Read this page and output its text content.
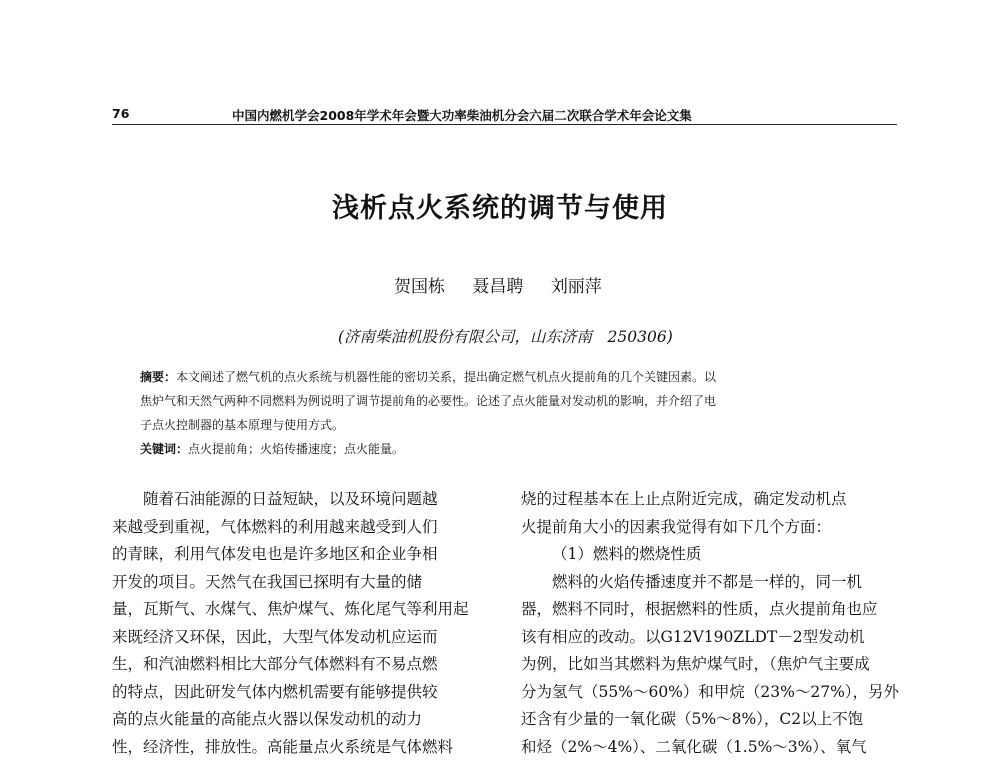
76	中国内燃机学会2008年学术年会暨大功率柴油机分会六届二次联合学术年会论文集
浅析点火系统的调节与使用
贺国栋 聂昌聘 刘丽萍
(济南柴油机股份有限公司，山东济南　250306)
摘要：本文阐述了燃气机的点火系统与机器性能的密切关系，提出确定燃气机点火提前角的几个关键因素。以
焦炉气和天然气两种不同燃料为例说明了调节提前角的必要性。论述了点火能量对发动机的影响，并介绍了电
子点火控制器的基本原理与使用方式。
关键词：点火提前角；火焰传播速度；点火能量。
随着石油能源的日益短缺，以及环境问题越
来越受到重视，气体燃料的利用越来越受到人们
的青睐，利用气体发电也是许多地区和企业争相
开发的项目。天然气在我国已探明有大量的储
量，瓦斯气、水煤气、焦炉煤气、炼化尾气等利用起
来既经济又环保，因此，大型气体发动机应运而
生，和汽油燃料相比大部分气体燃料有不易点燃
的特点，因此研发气体内燃机需要有能够提供较
高的点火能量的高能点火器以保发动机的动力
性，经济性，排放性。高能量点火系统是气体燃料
烧的过程基本在上止点附近完成，确定发动机点
火提前角大小的因素我觉得有如下几个方面：
（1）燃料的燃烧性质
燃料的火焰传播速度并不都是一样的，同一机
器，燃料不同时，根据燃料的性质，点火提前角也应
该有相应的改动。以G12V190ZLDT－2型发动机
为例，比如当其燃料为焦炉煤气时，（焦炉气主要成
分为氢气（55%～60%）和甲烷（23%～27%），另外
还含有少量的一氧化碳（5%～8%），C2以上不饱
和烃（2%～4%）、二氧化碳（1.5%～3%）、氧气
